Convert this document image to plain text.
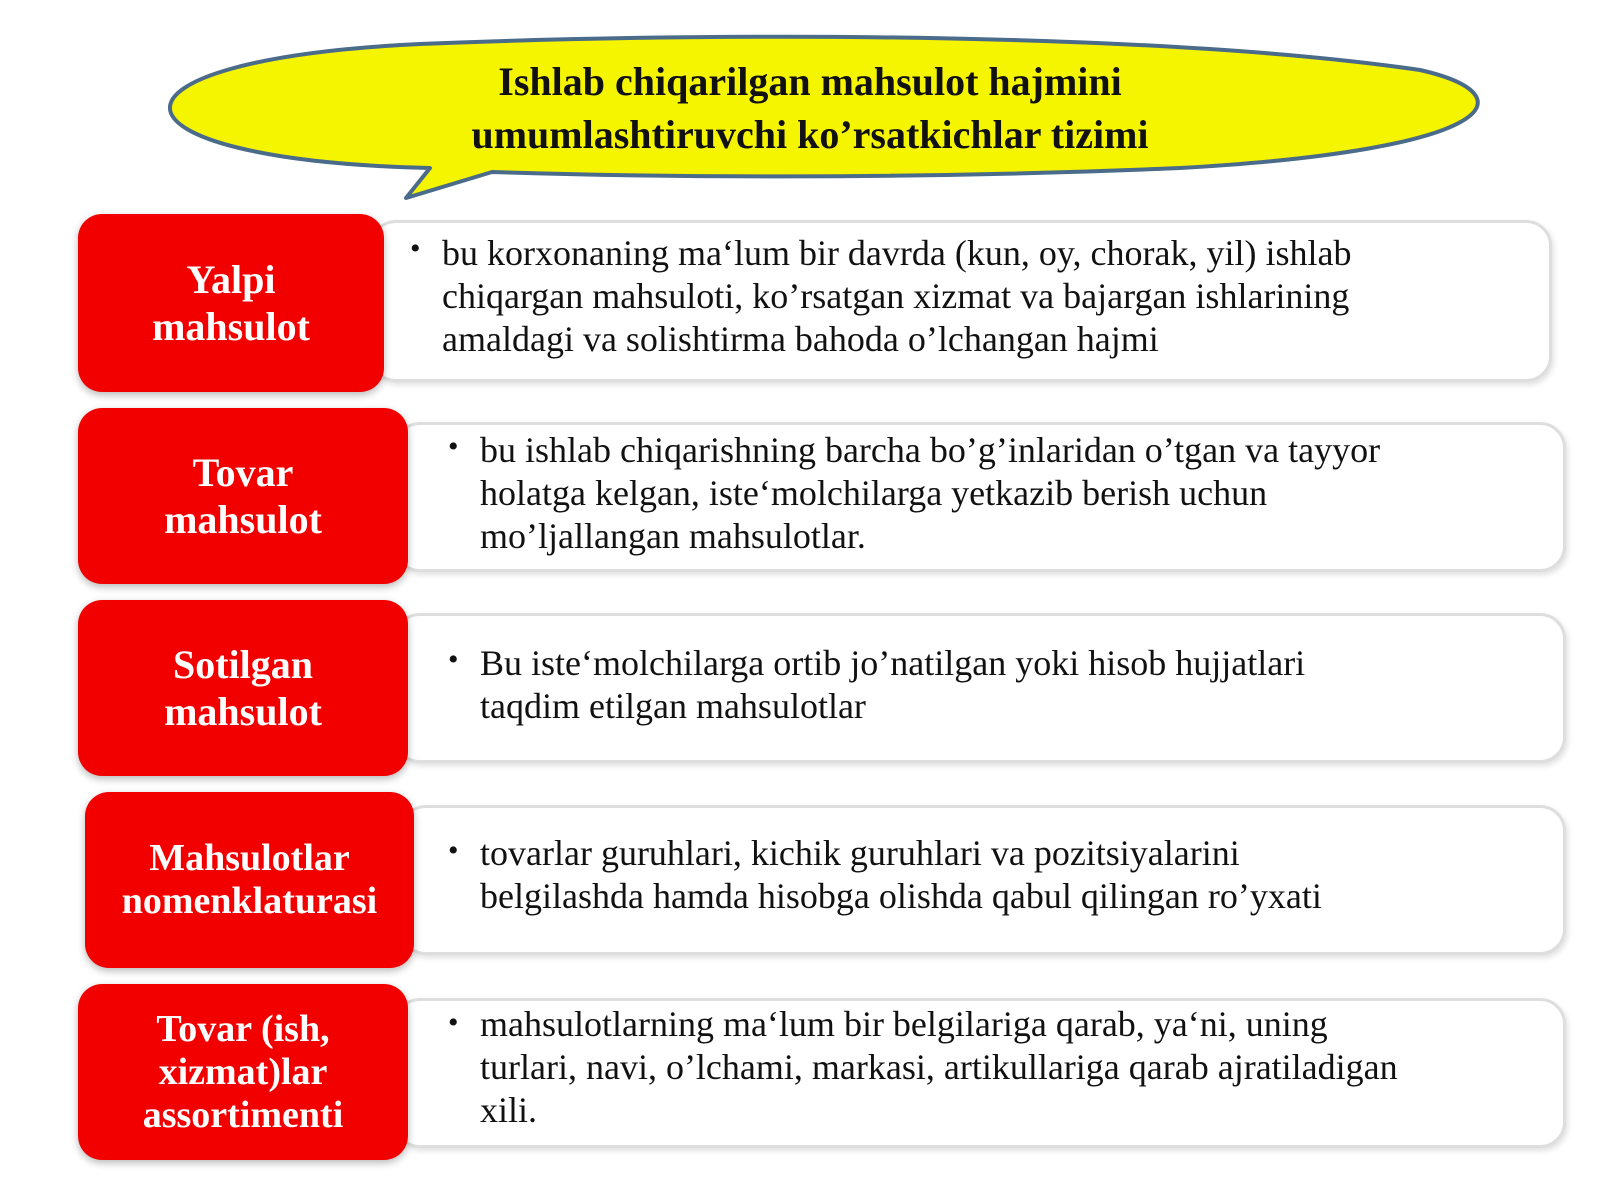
Ishlab chiqarilgan mahsulot hajmini
umumlashtiruvchi ko’rsatkichlar tizimi
Yalpi
mahsulot
• bu korxonaning ma‘lum bir davrda (kun, oy, chorak, yil) ishlab
chiqargan mahsuloti, ko’rsatgan xizmat va bajargan ishlarining
amaldagi va solishtirma bahoda o’lchangan hajmi
Tovar
mahsulot
• bu ishlab chiqarishning barcha bo’g’inlaridan o’tgan va tayyor
holatga kelgan, iste‘molchilarga yetkazib berish uchun
mo’ljallangan mahsulotlar.
Sotilgan
mahsulot
• Bu iste‘molchilarga ortib jo’natilgan yoki hisob hujjatlari
taqdim etilgan mahsulotlar
Mahsulotlar
nomenklaturasi
• tovarlar guruhlari, kichik guruhlari va pozitsiyalarini
belgilashda hamda hisobga olishda qabul qilingan ro’yxati
Tovar (ish,
xizmat)lar
assortimenti
• mahsulotlarning ma‘lum bir belgilariga qarab, ya‘ni, uning
turlari, navi, o’lchami, markasi, artikullariga qarab ajratiladigan
xili.
